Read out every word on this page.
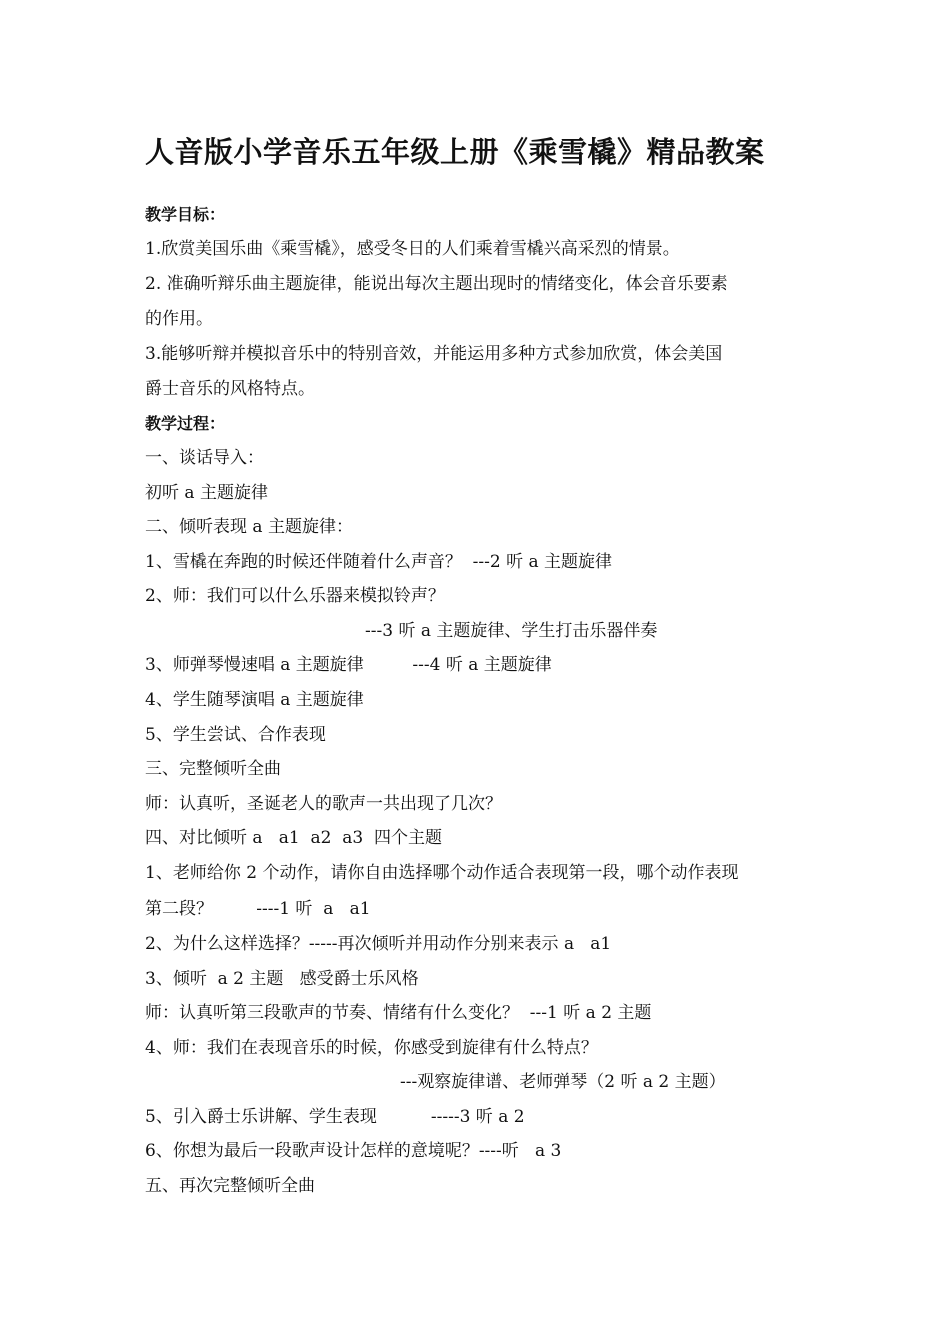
人音版小学音乐五年级上册《乘雪橇》精品教案
教学目标：
1.欣赏美国乐曲《乘雪橇》，感受冬日的人们乘着雪橇兴高采烈的情景。
2. 准确听辩乐曲主题旋律，能说出每次主题出现时的情绪变化，体会音乐要素
的作用。
3.能够听辩并模拟音乐中的特别音效，并能运用多种方式参加欣赏，体会美国
爵士音乐的风格特点。
教学过程：
一、谈话导入：
初听 a 主题旋律
二、倾听表现 a 主题旋律：
1、雪橇在奔跑的时候还伴随着什么声音？  ---2 听 a 主题旋律
2、师：我们可以什么乐器来模拟铃声？
---3 听 a 主题旋律、学生打击乐器伴奏
3、师弹琴慢速唱 a 主题旋律         ---4 听 a 主题旋律
4、学生随琴演唱 a 主题旋律
5、学生尝试、合作表现
三、完整倾听全曲
师：认真听，圣诞老人的歌声一共出现了几次？
四、对比倾听 a   a1  a2  a3  四个主题
1、老师给你 2 个动作，请你自由选择哪个动作适合表现第一段，哪个动作表现
第二段？        ----1 听  a   a1
2、为什么这样选择？-----再次倾听并用动作分别来表示 a   a1
3、倾听  a 2 主题   感受爵士乐风格
师：认真听第三段歌声的节奏、情绪有什么变化？  ---1 听 a 2 主题
4、师：我们在表现音乐的时候，你感受到旋律有什么特点？
---观察旋律谱、老师弹琴（2 听 a 2 主题）
5、引入爵士乐讲解、学生表现          -----3 听 a 2
6、你想为最后一段歌声设计怎样的意境呢？----听   a 3
五、再次完整倾听全曲
